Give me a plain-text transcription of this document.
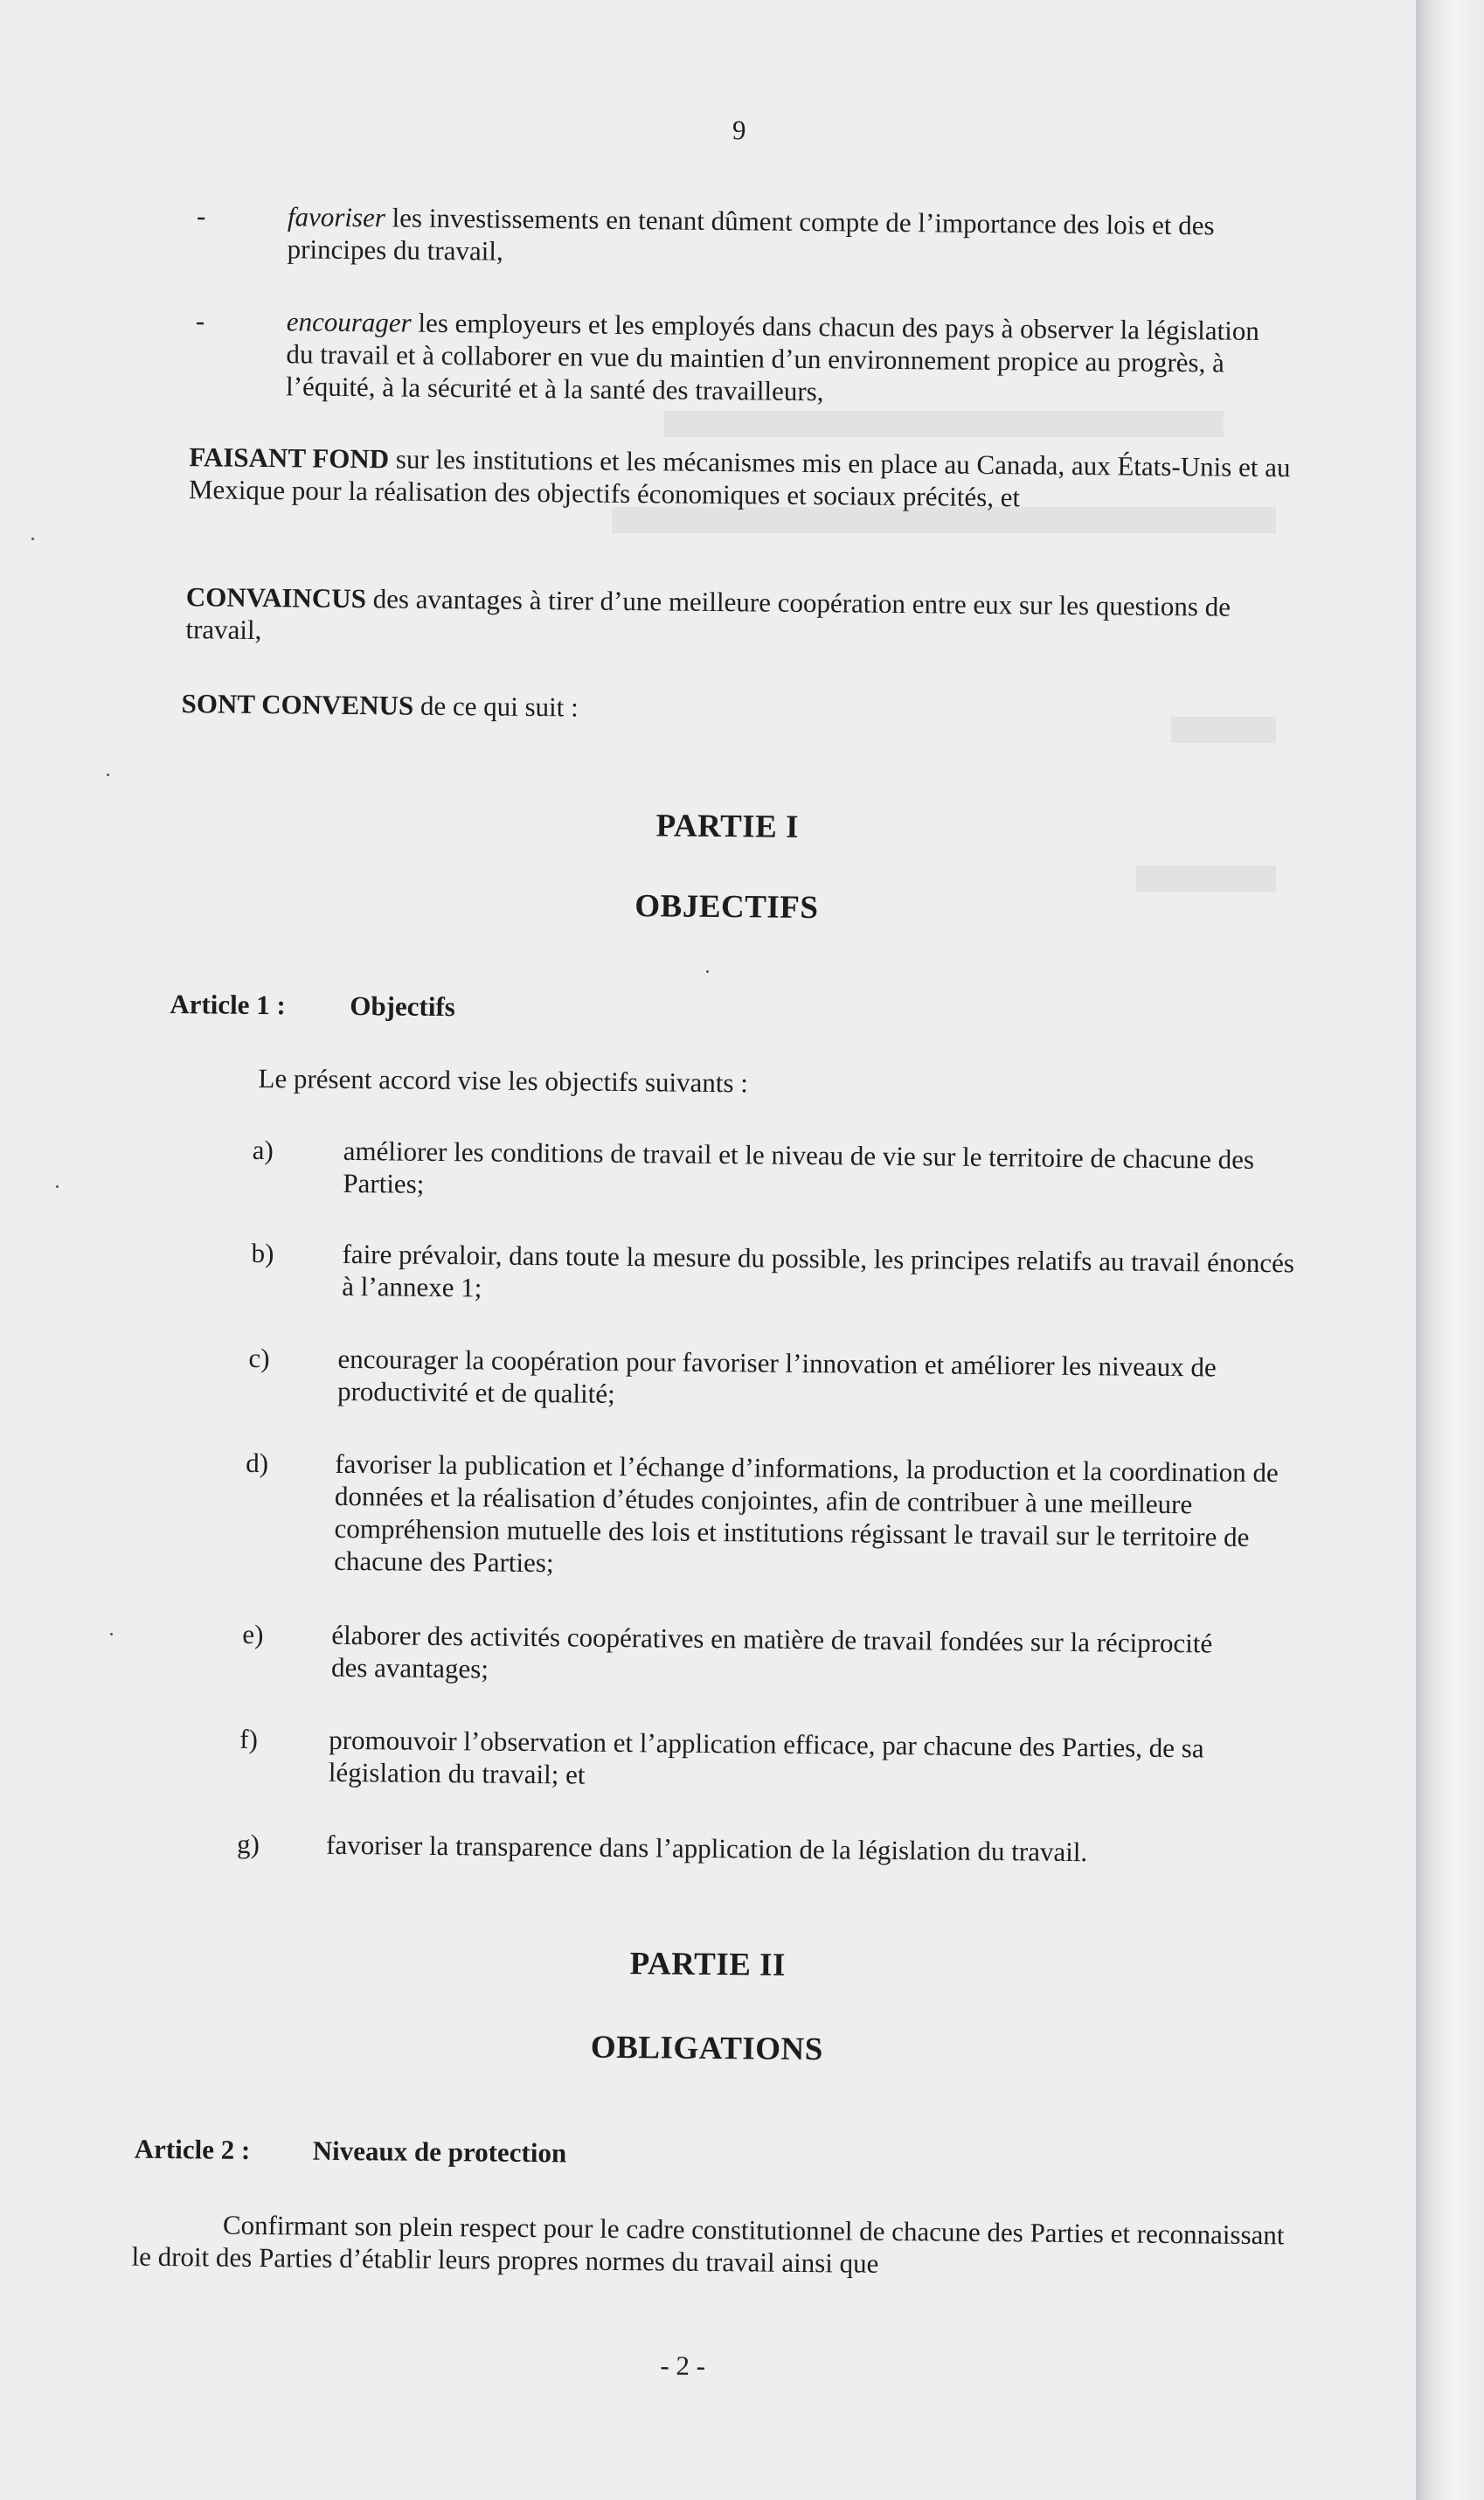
9
-	favoriser les investissements en tenant dûment compte de l’importance des lois et des principes du travail,
-	encourager les employeurs et les employés dans chacun des pays à observer la législation du travail et à collaborer en vue du maintien d’un environnement propice au progrès, à l’équité, à la sécurité et à la santé des travailleurs,
FAISANT FOND sur les institutions et les mécanismes mis en place au Canada, aux États-Unis et au Mexique pour la réalisation des objectifs économiques et sociaux précités, et
CONVAINCUS des avantages à tirer d’une meilleure coopération entre eux sur les questions de travail,
SONT CONVENUS de ce qui suit :
PARTIE I
OBJECTIFS
Article 1 : Objectifs
Le présent accord vise les objectifs suivants :
a)	améliorer les conditions de travail et le niveau de vie sur le territoire de chacune des Parties;
b)	faire prévaloir, dans toute la mesure du possible, les principes relatifs au travail énoncés à l’annexe 1;
c)	encourager la coopération pour favoriser l’innovation et améliorer les niveaux de productivité et de qualité;
d) favoriser la publication et l’échange d’informations, la production et la coordination de données et la réalisation d’études conjointes, afin de contribuer à une meilleure compréhension mutuelle des lois et institutions régissant le travail sur le territoire de chacune des Parties;
e)	élaborer des activités coopératives en matière de travail fondées sur la réciprocité des avantages;
f)	promouvoir l’observation et l’application efficace, par chacune des Parties, de sa législation du travail; et
g) favoriser la transparence dans l’application de la législation du travail.
PARTIE II
OBLIGATIONS
Article 2 : Niveaux de protection
Confirmant son plein respect pour le cadre constitutionnel de chacune des Parties et reconnaissant le droit des Parties d’établir leurs propres normes du travail ainsi que
- 2 -
